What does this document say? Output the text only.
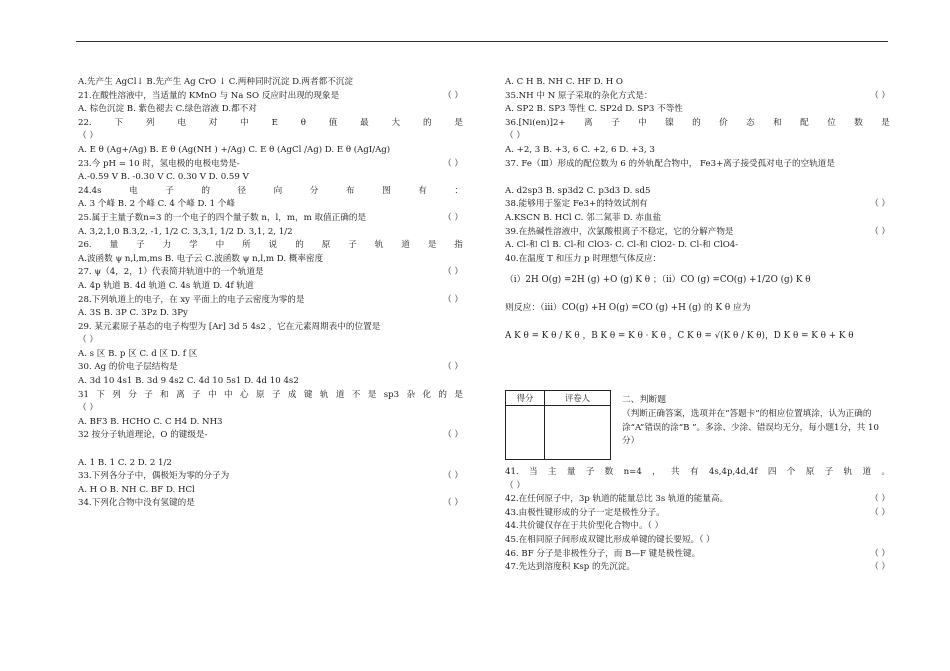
A.先产生 AgCl↓ B.先产生 Ag CrO ↓ C.两种同时沉淀 D.两者都不沉淀
21.在酸性溶液中，当适量的 KMnO 与 Na SO 反应时出现的现象是	（ ）
A. 棕色沉淀 B. 紫色褪去 C.绿色溶液 D.都不对
22.	下	列	电	对	中	E	θ	值	最	大	的	是
（ ）
A. E θ (Ag+/Ag) B. E θ (Ag(NH ) +/Ag) C. E θ (AgCl /Ag) D. E θ (AgI/Ag)
23.今 pH = 10 时，氢电极的电极电势是-	（ ）
A.-0.59 V B. -0.30 V C. 0.30 V D. 0.59 V
24.4s	电	子	的	径	向	分	布	图	有	：
A. 3 个峰 B. 2 个峰 C. 4 个峰 D. 1 个峰
25.属于主量子数n=3 的一个电子的四个量子数 n，l，m，m 取值正确的是	（ ）
A. 3,2,1,0 B.3,2, -1, 1/2 C. 3,3,1, 1/2 D. 3,1, 2, 1/2
26. 量 子 力 学 中 所 说 的 原 子 轨 道 是 指
A.波函数 ψ n,l,m,ms B. 电子云 C.波函数 ψ n,l,m D. 概率密度
27. ψ（4，2，1）代表简并轨道中的一个轨道是	（ ）
A. 4p 轨道 B. 4d 轨道 C. 4s 轨道 D. 4f 轨道
28.下列轨道上的电子，在 xy 平面上的电子云密度为零的是	（ ）
A. 3S B. 3P C. 3Pz D. 3Py
29. 某元素原子基态的电子构型为 [Ar] 3d 5 4s2 ，它在元素周期表中的位置是
（ ）
A. s 区 B. p 区 C. d 区 D. f 区
30. Ag 的价电子层结构是	（ ）
A. 3d 10 4s1 B. 3d 9 4s2 C. 4d 10 5s1 D. 4d 10 4s2
31 下 列 分 子 和 离 子 中 中 心 原 子 成 键 轨 道 不 是 sp3 杂 化 的 是
（ ）
A. BF3 B. HCHO C. C H4 D. NH3
32 按分子轨道理论，O 的键级是-	（ ）
A. 1 B. 1 C. 2 D. 2 1/2
33.下列各分子中，偶极矩为零的分子为	（ ）
A. H O B. NH C. BF D. HCl
34.下列化合物中没有氢键的是	（ ）
A. C H B. NH C. HF D. H O
35.NH 中 N 原子采取的杂化方式是：	（ ）
A. SP2 B. SP3 等性 C. SP2d D. SP3 不等性
36.[Ni(en)]2+ 离 子 中 镍 的 价 态 和 配 位 数 是
（ ）
A. +2, 3 B. +3, 6 C. +2, 6 D. +3, 3
37. Fe（Ⅲ）形成的配位数为 6 的外轨配合物中， Fe3+离子接受孤对电子的空轨道是
A. d2sp3 B. sp3d2 C. p3d3 D. sd5
38.能够用于鉴定 Fe3+的特效试剂有	（ ）
A.KSCN B. HCl C. 邻二氮菲 D. 赤血盐
39.在热碱性溶液中，次氯酸根离子不稳定，它的分解产物是	（ ）
A. Cl-和 Cl B. Cl-和 ClO3- C. Cl-和 ClO2- D. Cl-和 ClO4-
40.在温度 T 和压力 p 时理想气体反应：
（ⅰ）2H O(g) =2H (g) +O (g) K θ ；（ⅱ）CO (g) =CO(g) +1/2O (g) K θ
则反应：（ⅲ）CO(g) +H O(g) =CO (g) +H (g) 的 K θ 应为
A K θ = K θ / K θ ，B K θ = K θ · K θ ，C K θ = √(K θ / K θ)，D K θ = K θ + K θ
得分	评卷人	二、判断题
（判断正确答案，选项并在“答题卡”的相应位置填涂，认为正确的涂“A”错误的涂“B ”。多涂、少涂、错误均无分，每小题1分，共 10分）
41. 当 主 量 子 数 n=4 ， 共 有 4s,4p,4d,4f 四 个 原 子 轨 道 。
（ ）
42.在任何原子中，3p 轨道的能量总比 3s 轨道的能量高。	（ ）
43.由极性键形成的分子一定是极性分子。	（ ）
44.共价键仅存在于共价型化合物中。（ ）
45.在相同原子间形成双键比形成单键的键长要短。（ ）
46. BF 分子是非极性分子，而 B—F 键是极性键。	（ ）
47.先达到溶度积 Ksp 的先沉淀。	（ ）
